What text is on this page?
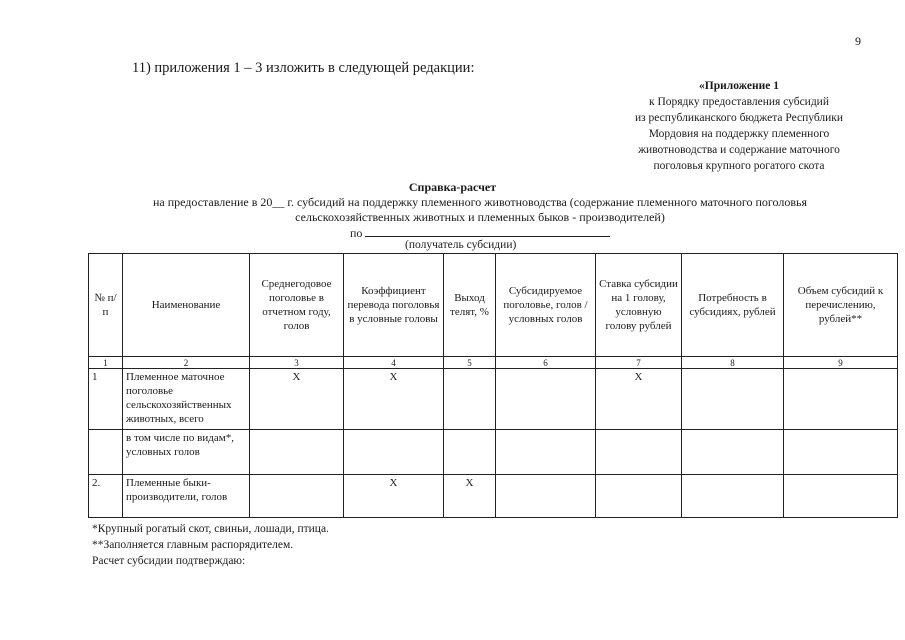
9
11) приложения 1 – 3 изложить в следующей редакции:
«Приложение 1
к Порядку предоставления субсидий
из республиканского бюджета Республики
Мордовия на поддержку племенного
животноводства и содержание маточного
поголовья крупного рогатого скота
Справка-расчет
на предоставление в 20__ г. субсидий на поддержку племенного животноводства (содержание племенного маточного поголовья
сельскохозяйственных животных и племенных быков - производителей)
по
(получатель субсидии)
№ п/п	Наименование	Среднегодовое поголовье в отчетном году, голов	Коэффициент перевода поголовья в условные головы	Выход телят, %	Субсидируемое поголовье, голов / условных голов	Ставка субсидии на 1 голову, условную голову рублей	Потребность в субсидиях, рублей	Объем субсидий к перечислению, рублей**
1	2	3	4	5	6	7	8	9
1	Племенное маточное поголовье сельскохозяйственных животных, всего	X	X			X		
	в том числе по видам*, условных голов							
2.	Племенные быки-производители, голов		X	X				
*Крупный рогатый скот, свиньи, лошади, птица.
**Заполняется главным распорядителем.
Расчет субсидии подтверждаю:
